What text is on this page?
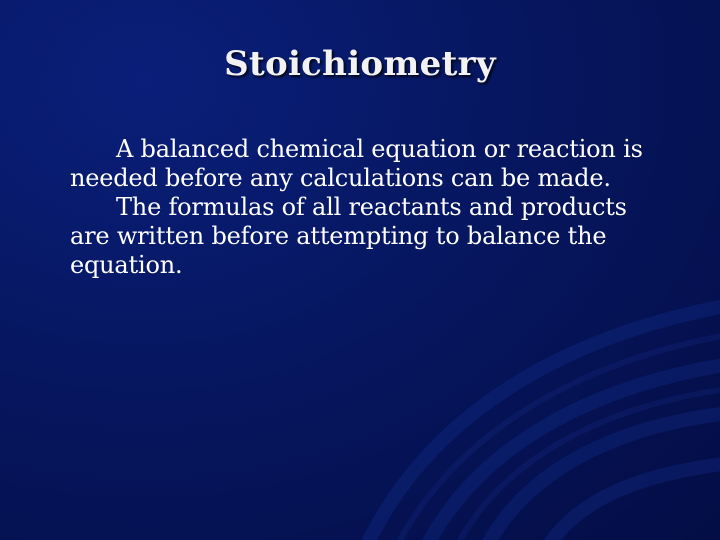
Stoichiometry

A balanced chemical equation or reaction is needed before any calculations can be made.

The formulas of all reactants and products are written before attempting to balance the equation.
